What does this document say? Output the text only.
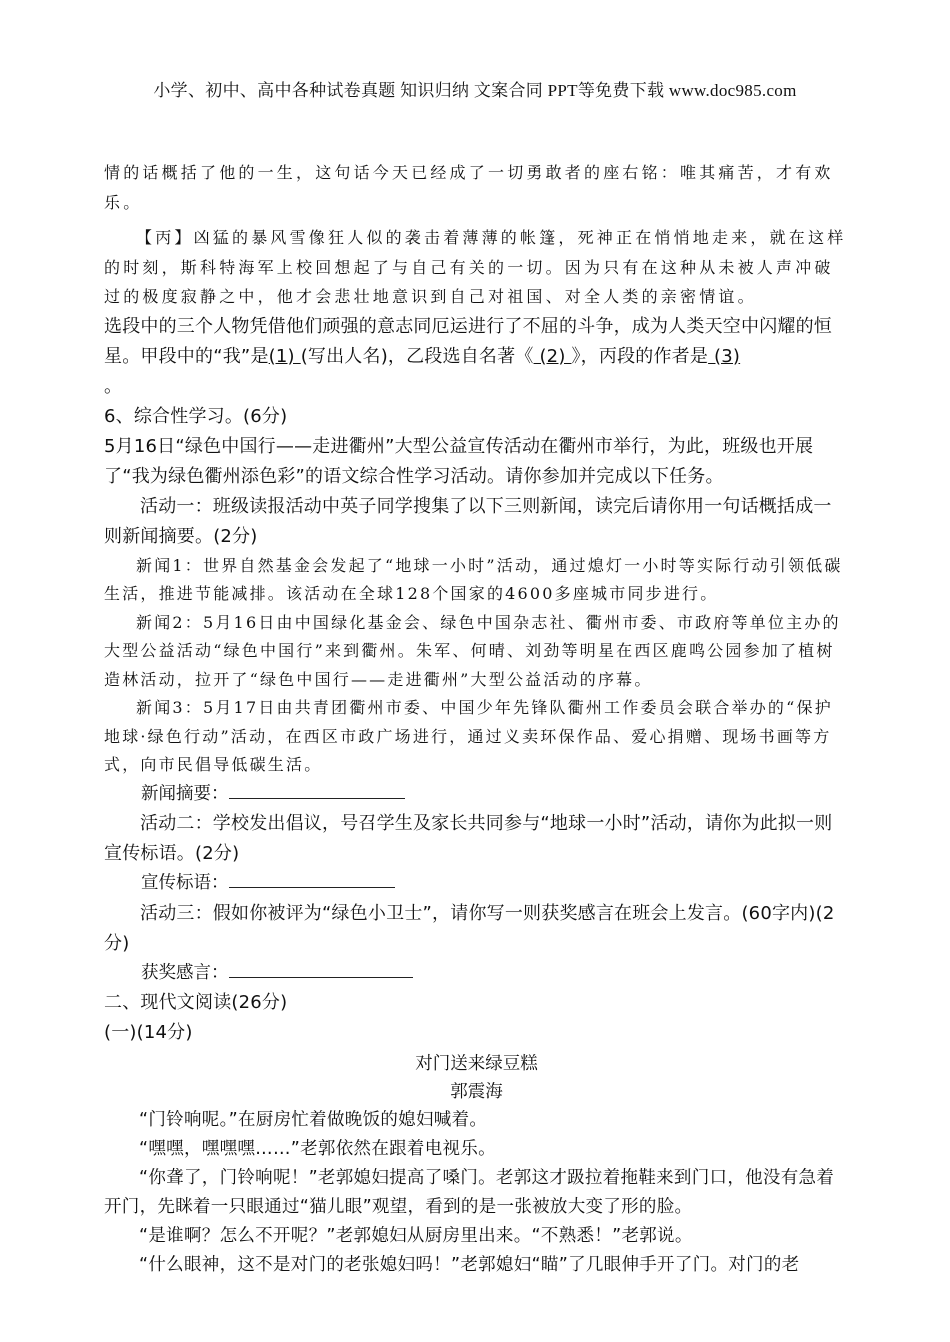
小学、初中、高中各种试卷真题 知识归纳 文案合同 PPT等免费下载 www.doc985.com

情的话概括了他的一生，这句话今天已经成了一切勇敢者的座右铭：唯其痛苦，才有欢乐。

【丙】凶猛的暴风雪像狂人似的袭击着薄薄的帐篷，死神正在悄悄地走来，就在这样的时刻，斯科特海军上校回想起了与自己有关的一切。因为只有在这种从未被人声冲破过的极度寂静之中，他才会悲壮地意识到自己对祖国、对全人类的亲密情谊。

选段中的三个人物凭借他们顽强的意志同厄运进行了不屈的斗争，成为人类天空中闪耀的恒星。甲段中的“我”是(1) (写出人名)，乙段选自名著《 (2) 》，丙段的作者是 (3)
。

6、综合性学习。(6分)

5月16日“绿色中国行——走进衢州”大型公益宣传活动在衢州市举行，为此，班级也开展了“我为绿色衢州添色彩”的语文综合性学习活动。请你参加并完成以下任务。

活动一：班级读报活动中英子同学搜集了以下三则新闻，读完后请你用一句话概括成一则新闻摘要。(2分)

新闻1：世界自然基金会发起了“地球一小时”活动，通过熄灯一小时等实际行动引领低碳生活，推进节能减排。该活动在全球128个国家的4600多座城市同步进行。

新闻2：5月16日由中国绿化基金会、绿色中国杂志社、衢州市委、市政府等单位主办的大型公益活动“绿色中国行”来到衢州。朱军、何晴、刘劲等明星在西区鹿鸣公园参加了植树造林活动，拉开了“绿色中国行——走进衢州”大型公益活动的序幕。

新闻3：5月17日由共青团衢州市委、中国少年先锋队衢州工作委员会联合举办的“保护地球·绿色行动”活动，在西区市政广场进行，通过义卖环保作品、爱心捐赠、现场书画等方式，向市民倡导低碳生活。

新闻摘要：

活动二：学校发出倡议，号召学生及家长共同参与“地球一小时”活动，请你为此拟一则宣传标语。(2分)

宣传标语：

活动三：假如你被评为“绿色小卫士”，请你写一则获奖感言在班会上发言。(60字内)(2分)

获奖感言：

二、现代文阅读(26分)

(一)(14分)

对门送来绿豆糕

郭震海

“门铃响呢。”在厨房忙着做晚饭的媳妇喊着。

“嘿嘿，嘿嘿嘿……”老郭依然在跟着电视乐。

“你聋了，门铃响呢！”老郭媳妇提高了嗓门。老郭这才趿拉着拖鞋来到门口，他没有急着开门，先眯着一只眼通过“猫儿眼”观望，看到的是一张被放大变了形的脸。

“是谁啊？怎么不开呢？”老郭媳妇从厨房里出来。“不熟悉！”老郭说。

“什么眼神，这不是对门的老张媳妇吗！”老郭媳妇“瞄”了几眼伸手开了门。对门的老
